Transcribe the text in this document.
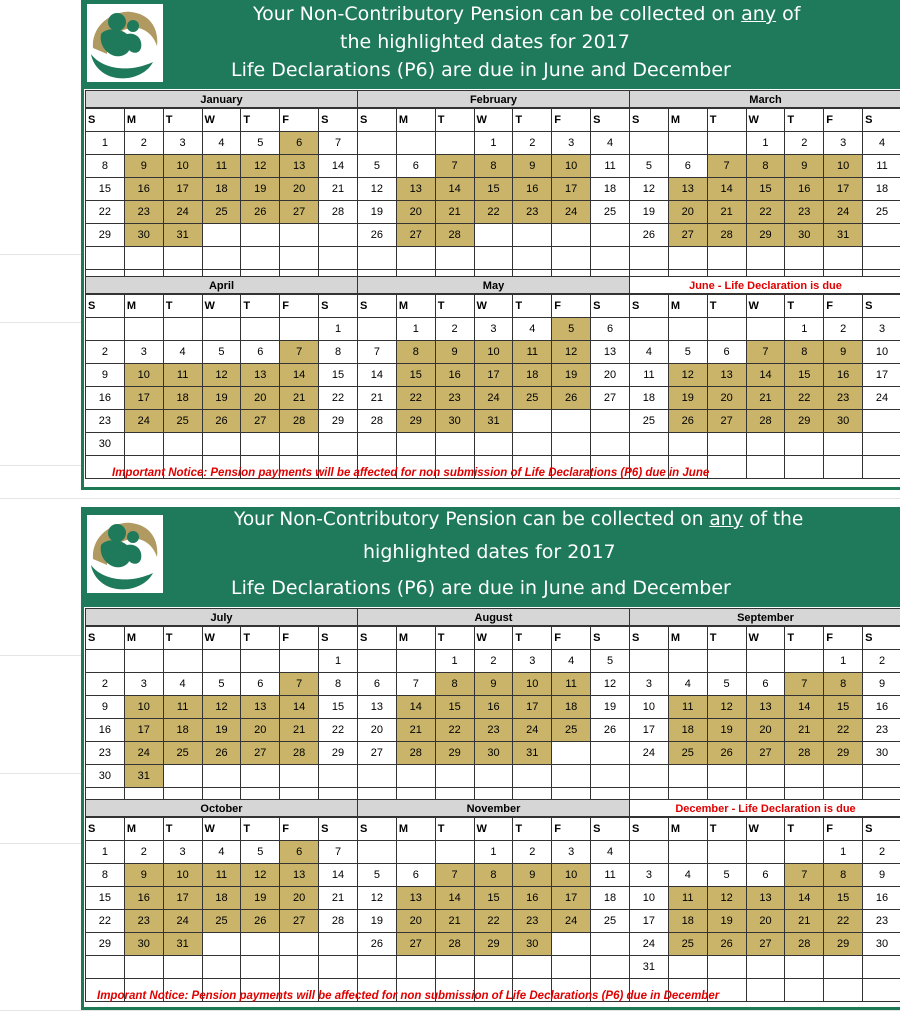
Your Non-Contributory Pension can be collected on any of
the highlighted dates for 2017
Life Declarations (P6) are due in June and December
January
S	M	T	W	T	F	S
1	2	3	4	5	6	7
8	9	10	11	12	13	14
15	16	17	18	19	20	21
22	23	24	25	26	27	28
29	30	31				

February
S	M	T	W	T	F	S
			1	2	3	4
5	6	7	8	9	10	11
12	13	14	15	16	17	18
19	20	21	22	23	24	25
26	27	28				

March
S	M	T	W	T	F	S
			1	2	3	4
5	6	7	8	9	10	11
12	13	14	15	16	17	18
19	20	21	22	23	24	25
26	27	28	29	30	31	

April
S	M	T	W	T	F	S
						1
2	3	4	5	6	7	8
9	10	11	12	13	14	15
16	17	18	19	20	21	22
23	24	25	26	27	28	29
30						

May
S	M	T	W	T	F	S
	1	2	3	4	5	6
7	8	9	10	11	12	13
14	15	16	17	18	19	20
21	22	23	24	25	26	27
28	29	30	31			

June - Life Declaration is due
S	M	T	W	T	F	S
				1	2	3
4	5	6	7	8	9	10
11	12	13	14	15	16	17
18	19	20	21	22	23	24
25	26	27	28	29	30	

Important Notice: Pension payments will be affected for non submission of Life Declarations (P6) due in June
Your Non-Contributory Pension can be collected on any of the
highlighted dates for 2017
Life Declarations (P6) are due in June and December
July
S	M	T	W	T	F	S
						1
2	3	4	5	6	7	8
9	10	11	12	13	14	15
16	17	18	19	20	21	22
23	24	25	26	27	28	29
30	31					

August
S	M	T	W	T	F	S
		1	2	3	4	5
6	7	8	9	10	11	12
13	14	15	16	17	18	19
20	21	22	23	24	25	26
27	28	29	30	31		

September
S	M	T	W	T	F	S
					1	2
3	4	5	6	7	8	9
10	11	12	13	14	15	16
17	18	19	20	21	22	23
24	25	26	27	28	29	30

October
S	M	T	W	T	F	S
1	2	3	4	5	6	7
8	9	10	11	12	13	14
15	16	17	18	19	20	21
22	23	24	25	26	27	28
29	30	31				

November
S	M	T	W	T	F	S
			1	2	3	4
5	6	7	8	9	10	11
12	13	14	15	16	17	18
19	20	21	22	23	24	25
26	27	28	29	30		

December - Life Declaration is due
S	M	T	W	T	F	S
					1	2
3	4	5	6	7	8	9
10	11	12	13	14	15	16
17	18	19	20	21	22	23
24	25	26	27	28	29	30
31						

Imporant Notice: Pension payments will be affected for non submission of Life Declarations (P6) due in December
